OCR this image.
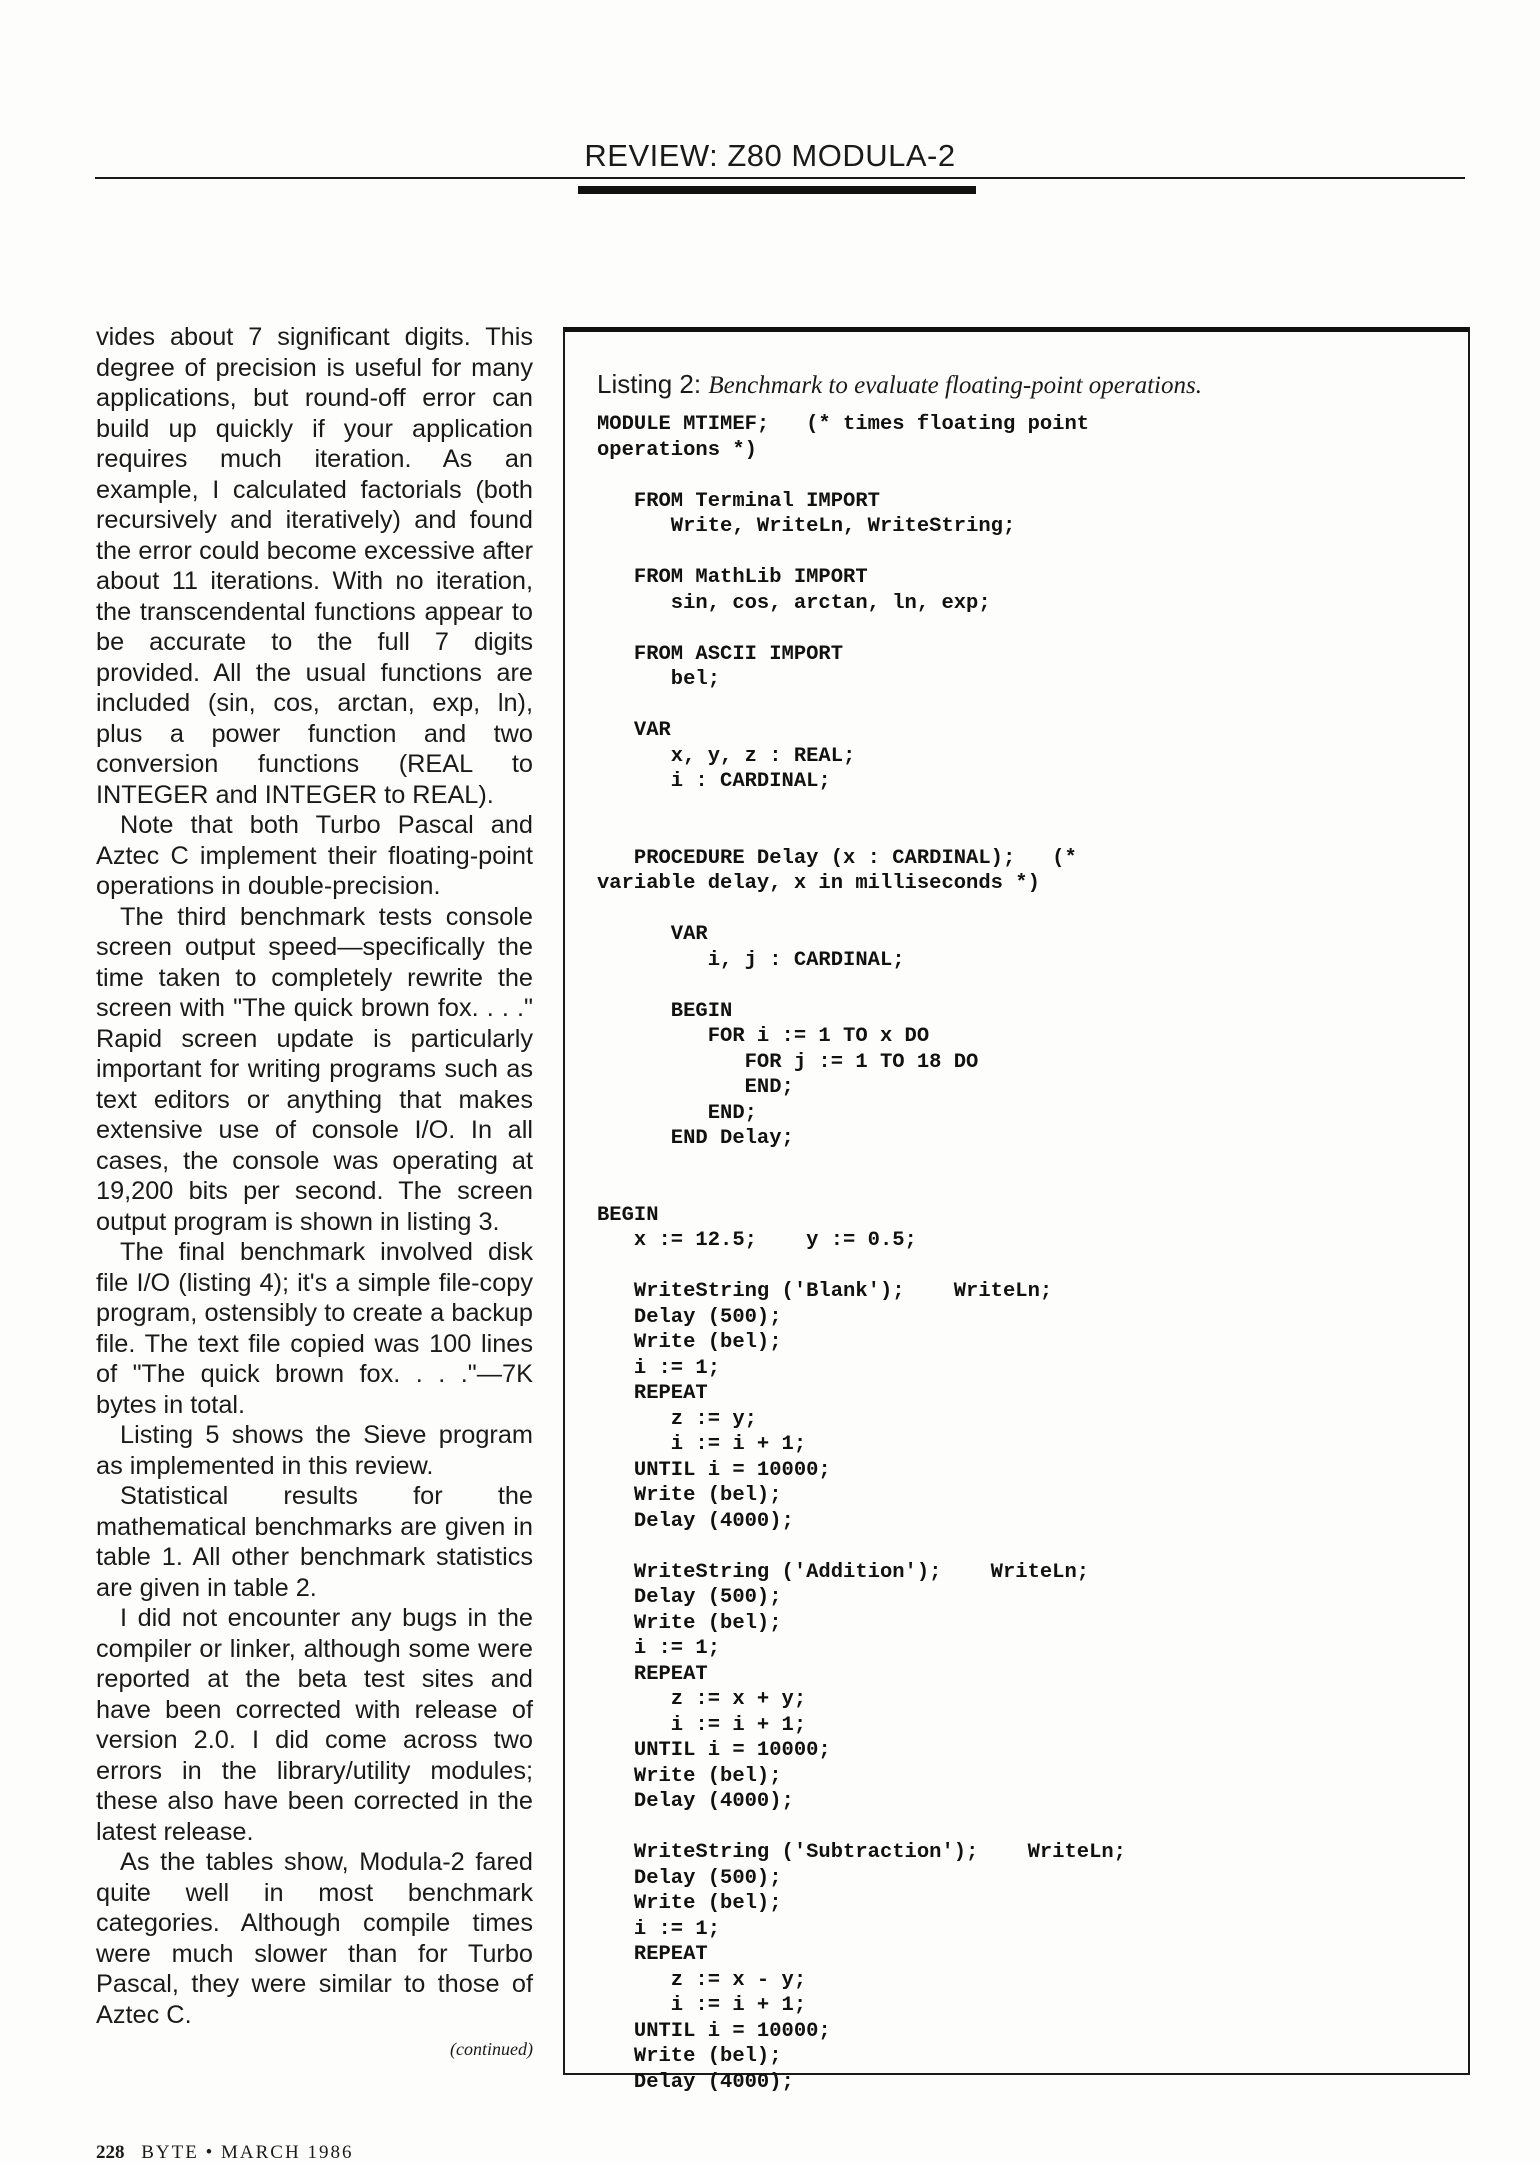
REVIEW: Z80 MODULA-2

vides about 7 significant digits. This degree of precision is useful for many applications, but round-off error can build up quickly if your application requires much iteration. As an example, I calculated factorials (both recursively and iteratively) and found the error could become excessive after about 11 iterations. With no iteration, the transcendental functions appear to be accurate to the full 7 digits provided. All the usual functions are included (sin, cos, arctan, exp, ln), plus a power function and two conversion functions (REAL to INTEGER and INTEGER to REAL).

Note that both Turbo Pascal and Aztec C implement their floating-point operations in double-precision.

The third benchmark tests console screen output speed—specifically the time taken to completely rewrite the screen with "The quick brown fox. . . ." Rapid screen update is particularly important for writing programs such as text editors or anything that makes extensive use of console I/O. In all cases, the console was operating at 19,200 bits per second. The screen output program is shown in listing 3.

The final benchmark involved disk file I/O (listing 4); it's a simple file-copy program, ostensibly to create a backup file. The text file copied was 100 lines of "The quick brown fox. . . ."—7K bytes in total.

Listing 5 shows the Sieve program as implemented in this review.

Statistical results for the mathematical benchmarks are given in table 1. All other benchmark statistics are given in table 2.

I did not encounter any bugs in the compiler or linker, although some were reported at the beta test sites and have been corrected with release of version 2.0. I did come across two errors in the library/utility modules; these also have been corrected in the latest release.

As the tables show, Modula-2 fared quite well in most benchmark categories. Although compile times were much slower than for Turbo Pascal, they were similar to those of Aztec C.

(continued)
Listing 2: Benchmark to evaluate floating-point operations.
MODULE MTIMEF;   (* times floating point
operations *)

FROM Terminal IMPORT
Write, WriteLn, WriteString;

FROM MathLib IMPORT
sin, cos, arctan, ln, exp;

FROM ASCII IMPORT
bel;

VAR
x, y, z : REAL;
i : CARDINAL;

PROCEDURE Delay (x : CARDINAL);   (*
variable delay, x in milliseconds *)

VAR
i, j : CARDINAL;

BEGIN
FOR i := 1 TO x DO
FOR j := 1 TO 18 DO
END;
END;
END Delay;

BEGIN
x := 12.5;    y := 0.5;

WriteString ('Blank');    WriteLn;
Delay (500);
Write (bel);
i := 1;
REPEAT
z := y;
i := i + 1;
UNTIL i = 10000;
Write (bel);
Delay (4000);

WriteString ('Addition');    WriteLn;
Delay (500);
Write (bel);
i := 1;
REPEAT
z := x + y;
i := i + 1;
UNTIL i = 10000;
Write (bel);
Delay (4000);

WriteString ('Subtraction');    WriteLn;
Delay (500);
Write (bel);
i := 1;
REPEAT
z := x - y;
i := i + 1;
UNTIL i = 10000;
Write (bel);
Delay (4000);
228 BYTE • MARCH 1986
